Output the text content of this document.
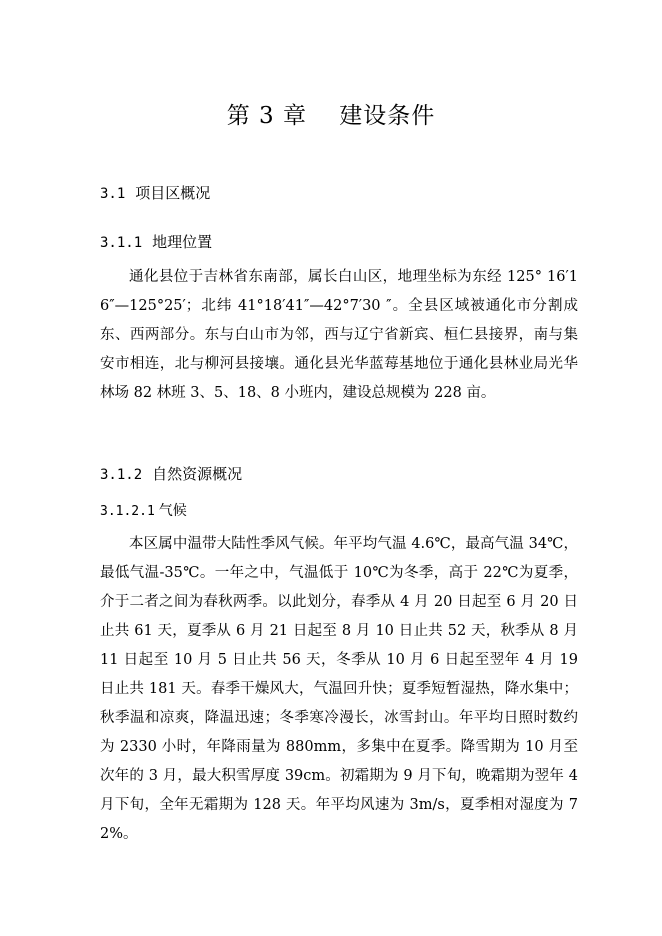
第 3 章　 建设条件
3.1 项目区概况
3.1.1 地理位置

通化县位于吉林省东南部，属长白山区，地理坐标为东经 125° 16′16″—125°25′；北纬 41°18′41″—42°7′30 ″。全县区域被通化市分割成东、西两部分。东与白山市为邻，西与辽宁省新宾、桓仁县接界，南与集安市相连，北与柳河县接壤。通化县光华蓝莓基地位于通化县林业局光华林场 82 林班 3、5、18、8 小班内，建设总规模为 228 亩。

3.1.2 自然资源概况
3.1.2.1 气候

本区属中温带大陆性季风气候。年平均气温 4.6℃，最高气温 34℃，最低气温-35℃。一年之中，气温低于 10℃为冬季，高于 22℃为夏季，介于二者之间为春秋两季。以此划分，春季从 4 月 20 日起至 6 月 20 日止共 61 天，夏季从 6 月 21 日起至 8 月 10 日止共 52 天，秋季从 8 月 11 日起至 10 月 5 日止共 56 天，冬季从 10 月 6 日起至翌年 4 月 19 日止共 181 天。春季干燥风大，气温回升快；夏季短暂湿热，降水集中；秋季温和凉爽，降温迅速；冬季寒冷漫长，冰雪封山。年平均日照时数约为 2330 小时，年降雨量为 880mm，多集中在夏季。降雪期为 10 月至次年的 3 月，最大积雪厚度 39cm。初霜期为 9 月下旬，晚霜期为翌年 4 月下旬，全年无霜期为 128 天。年平均风速为 3m/s，夏季相对湿度为 72%。
